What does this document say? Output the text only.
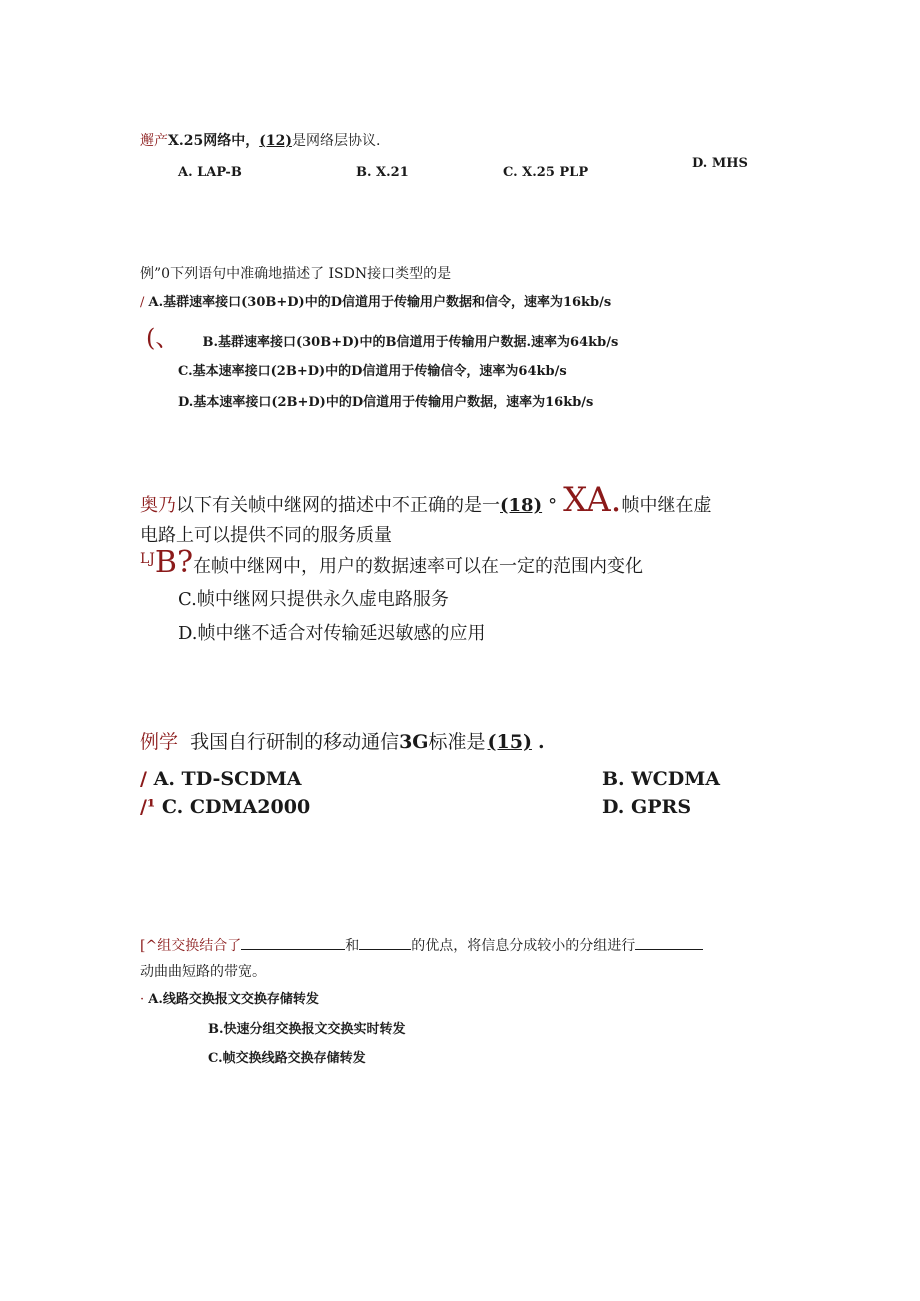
邂产X.25网络中，(12)是网络层协议.
A. LAP-B	B. X.21	C. X.25 PLP
D. MHS
例”0下列语句中准确地描述了 ISDN接口类型的是
/ A.基群速率接口(30B+D)中的D信道用于传输用户数据和信令，速率为16kb∕s
(、 B.基群速率接口(30B+D)中的B信道用于传输用户数据.速率为64kb∕s
C.基本速率接口(2B+D)中的D信道用于传输信令，速率为64kb∕s
D.基本速率接口(2B+D)中的D信道用于传输用户数据，速率为16kb∕s
奥乃以下有关帧中继网的描述中不正确的是一(18) ° XA.帧中继在虚
电路上可以提供不同的服务质量
$^{LJ}$B?在帧中继网中，用户的数据速率可以在一定的范围内变化
C.帧中继网只提供永久虚电路服务
D.帧中继不适合对传输延迟敏感的应用
例学 我国自行研制的移动通信3G标准是 (15) .
/ A. TD-SCDMA	B. WCDMA
/¹ C. CDMA2000	D. GPRS
[^组交换结合了	和	的优点，将信息分成较小的分组进行
动曲曲短路的带宽。
· A.线路交换报文交换存储转发
B.快速分组交换报文交换实时转发
C.帧交换线路交换存储转发
